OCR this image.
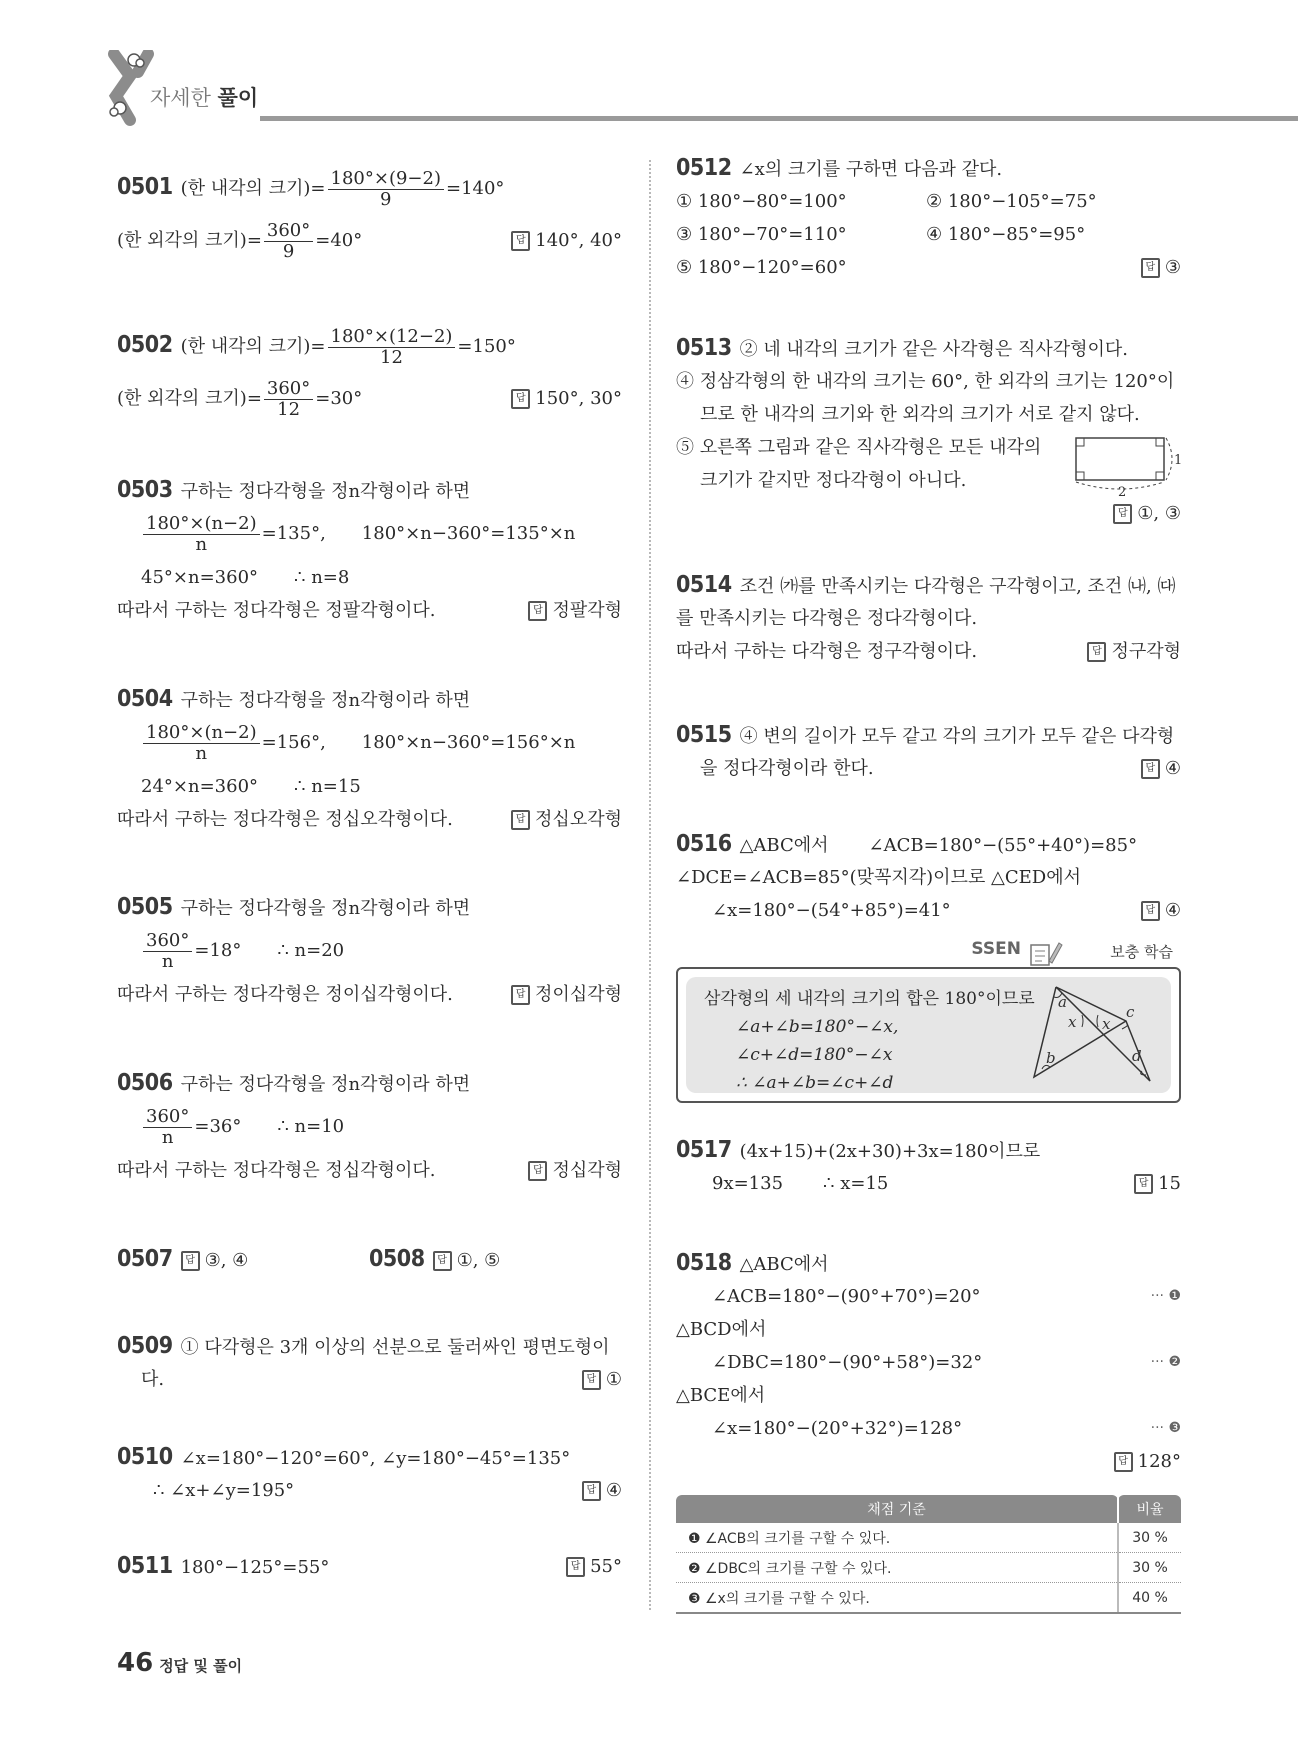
자세한 풀이
0501 (한 내각의 크기)= $\frac{180^\circ\times(9-2)}{9} =140^\circ$
(한 외각의 크기)= $\frac{360^\circ}{9} =40^\circ$	답 140°, 40°
0502 (한 내각의 크기)= $\frac{180^\circ\times(12-2)}{12} =150^\circ$
(한 외각의 크기)= $\frac{360^\circ}{12} =30^\circ$	답 150°, 30°
0503 구하는 정다각형을 정n각형이라 하면
$\frac{180^\circ\times(n-2)}{n} =135^\circ$, 180°×n−360°=135°×n
45°×n=360° ∴ n=8
따라서 구하는 정다각형은 정팔각형이다.	답 정팔각형
0504 구하는 정다각형을 정n각형이라 하면
$\frac{180^\circ\times(n-2)}{n} =156^\circ$, 180°×n−360°=156°×n
24°×n=360° ∴ n=15
따라서 구하는 정다각형은 정십오각형이다.	답 정십오각형
0505 구하는 정다각형을 정n각형이라 하면
$\frac{360^\circ}{n} =18^\circ$ ∴ n=20
따라서 구하는 정다각형은 정이십각형이다.	답 정이십각형
0506 구하는 정다각형을 정n각형이라 하면
$\frac{360^\circ}{n} =36^\circ$ ∴ n=10
따라서 구하는 정다각형은 정십각형이다.	답 정십각형
0507 답 ③, ④	0508 답 ①, ⑤
0509 ① 다각형은 3개 이상의 선분으로 둘러싸인 평면도형이
다.	답 ①
0510 ∠x=180°−120°=60°, ∠y=180°−45°=135°
∴ ∠x+∠y=195°	답 ④
0511 180°−125°=55°	답 55°
0512 ∠x의 크기를 구하면 다음과 같다.
① 180°−80°=100°	② 180°−105°=75°
③ 180°−70°=110°	④ 180°−85°=95°
⑤ 180°−120°=60°	답 ③
0513 ② 네 내각의 크기가 같은 사각형은 직사각형이다.
④ 정삼각형의 한 내각의 크기는 60°, 한 외각의 크기는 120°이
므로 한 내각의 크기와 한 외각의 크기가 서로 같지 않다.
⑤ 오른쪽 그림과 같은 직사각형은 모든 내각의
크기가 같지만 정다각형이 아니다.
답 ①, ③
2
1
0514 조건 ㈎를 만족시키는 다각형은 구각형이고, 조건 ㈏, ㈐
를 만족시키는 다각형은 정다각형이다.
따라서 구하는 다각형은 정구각형이다.	답 정구각형
0515 ④ 변의 길이가 모두 같고 각의 크기가 모두 같은 다각형
을 정다각형이라 한다.	답 ④
0516 △ABC에서 ∠ACB=180°−(55°+40°)=85°
∠DCE=∠ACB=85°(맞꼭지각)이므로 △CED에서
∠x=180°−(54°+85°)=41°	답 ④
SSEN	보충 학습
삼각형의 세 내각의 크기의 합은 180°이므로
∠a+∠b=180°−∠x,
∠c+∠d=180°−∠x
∴ ∠a+∠b=∠c+∠d
a
b
c
d
x x
0517 (4x+15)+(2x+30)+3x=180이므로
9x=135 ∴ x=15	답 15
0518 △ABC에서
∠ACB=180°−(90°+70°)=20°	··· ❶
△BCD에서
∠DBC=180°−(90°+58°)=32°	··· ❷
△BCE에서
∠x=180°−(20°+32°)=128°	··· ❸
답 128°
채점 기준	비율
❶ ∠ACB의 크기를 구할 수 있다.	30 %
❷ ∠DBC의 크기를 구할 수 있다.	30 %
❸ ∠x의 크기를 구할 수 있다.	40 %
46 정답 및 풀이
